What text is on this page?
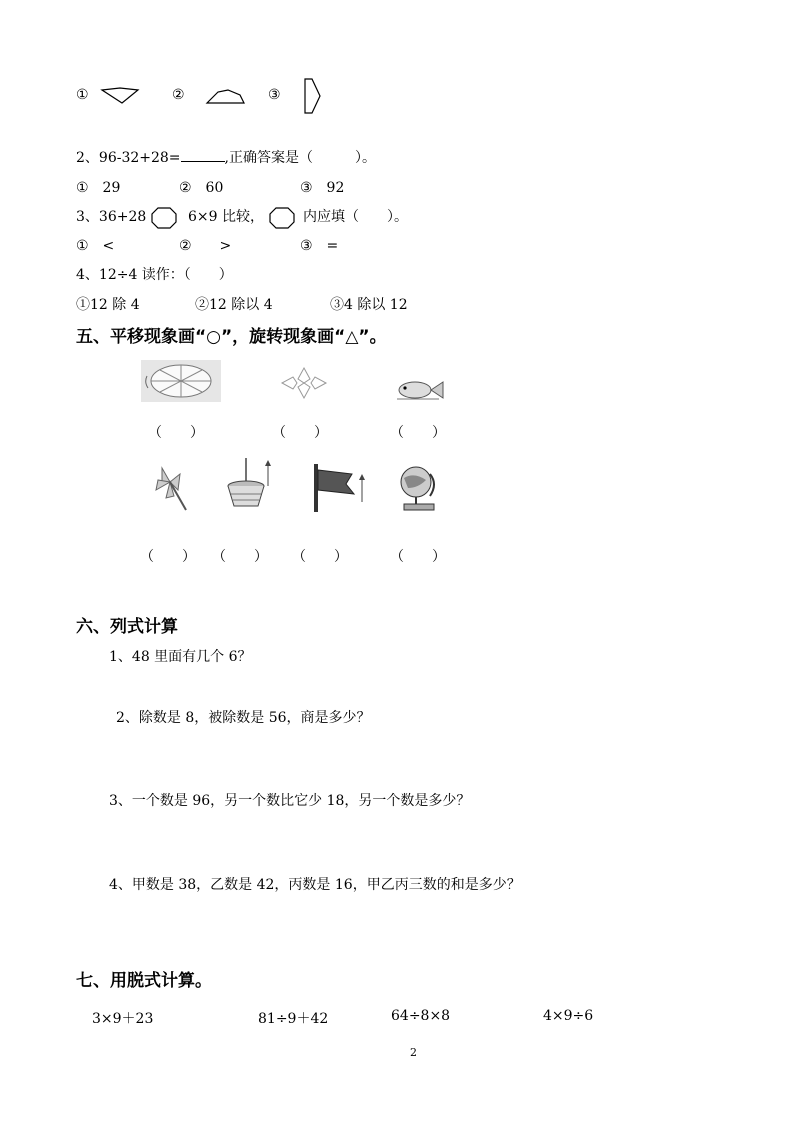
①	②	③
2、96-32+28=	,正确答案是（　　　）。
①　29	②　60	③　92
3、36+28	6×9 比较，	内应填（　　）。
①　<	②　　>	③　=
4、12÷4 读作：（　　）
①12 除 4	②12 除以 4	③4 除以 12
五、平移现象画“○”，旋转现象画“△”。
（　　）	（　　）	（　　）
（　　） （　　） （　　）	（　　）
六、列式计算
1、48 里面有几个 6？
2、除数是 8，被除数是 56，商是多少？
3、一个数是 96，另一个数比它少 18，另一个数是多少？
4、甲数是 38，乙数是 42，丙数是 16，甲乙丙三数的和是多少？
七、用脱式计算。
3×9＋23	81÷9＋42	64÷8×8	4×9÷6
2
